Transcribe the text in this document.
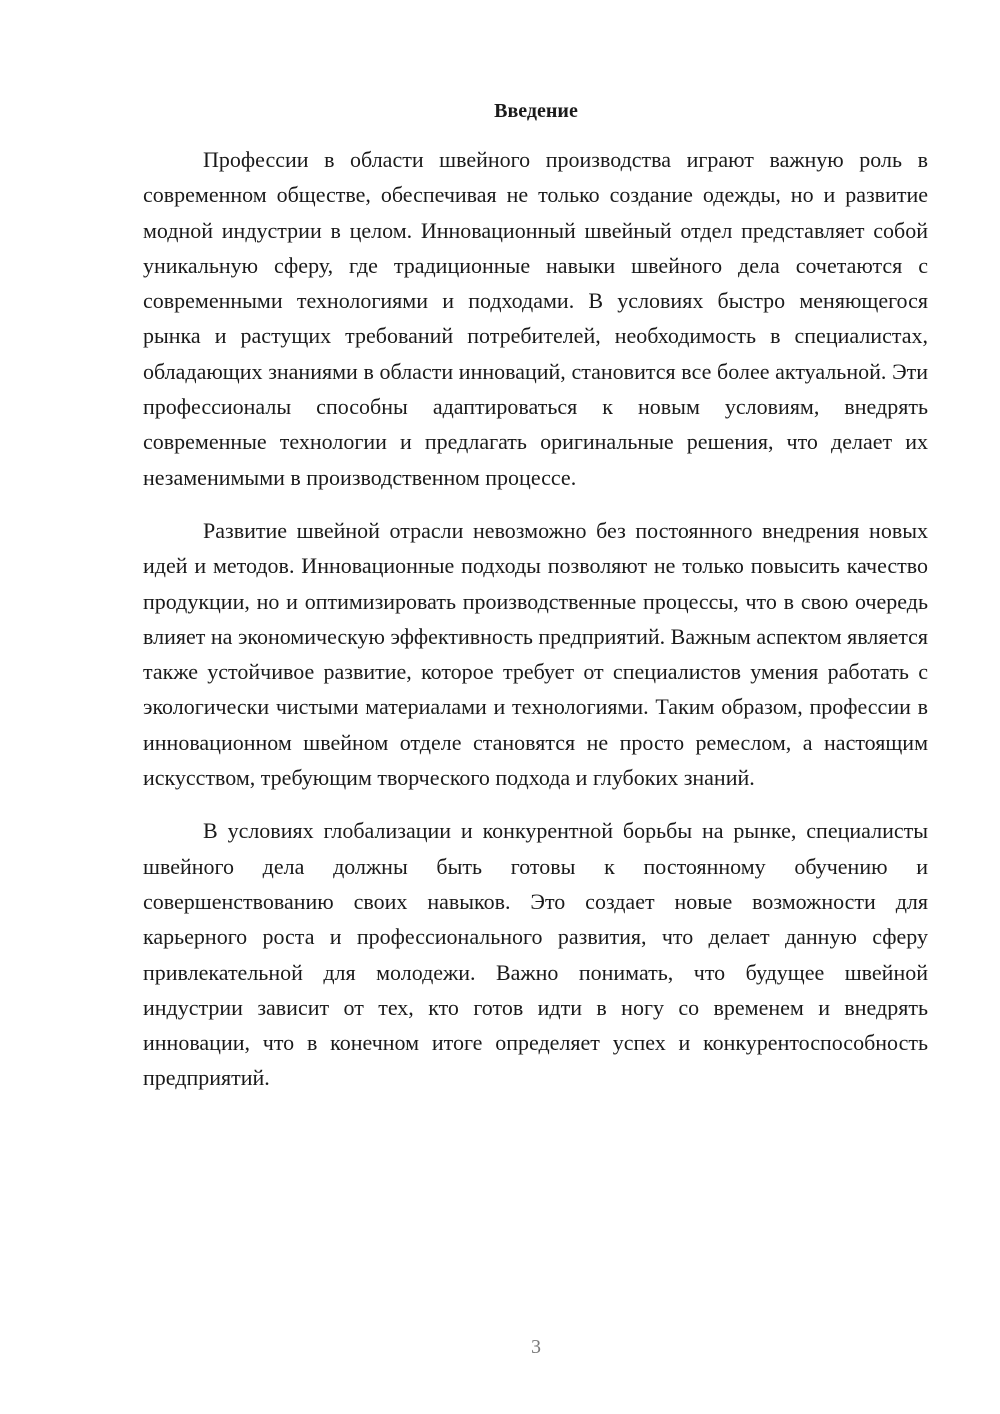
Введение

Профессии в области швейного производства играют важную роль в современном обществе, обеспечивая не только создание одежды, но и развитие модной индустрии в целом. Инновационный швейный отдел представляет собой уникальную сферу, где традиционные навыки швейного дела сочетаются с современными технологиями и подходами. В условиях быстро меняющегося рынка и растущих требований потребителей, необходимость в специалистах, обладающих знаниями в области инноваций, становится все более актуальной. Эти профессионалы способны адаптироваться к новым условиям, внедрять современные технологии и предлагать оригинальные решения, что делает их незаменимыми в производственном процессе.

Развитие швейной отрасли невозможно без постоянного внедрения новых идей и методов. Инновационные подходы позволяют не только повысить качество продукции, но и оптимизировать производственные процессы, что в свою очередь влияет на экономическую эффективность предприятий. Важным аспектом является также устойчивое развитие, которое требует от специалистов умения работать с экологически чистыми материалами и технологиями. Таким образом, профессии в инновационном швейном отделе становятся не просто ремеслом, а настоящим искусством, требующим творческого подхода и глубоких знаний.

В условиях глобализации и конкурентной борьбы на рынке, специалисты швейного дела должны быть готовы к постоянному обучению и совершенствованию своих навыков. Это создает новые возможности для карьерного роста и профессионального развития, что делает данную сферу привлекательной для молодежи. Важно понимать, что будущее швейной индустрии зависит от тех, кто готов идти в ногу со временем и внедрять инновации, что в конечном итоге определяет успех и конкурентоспособность предприятий.

3
